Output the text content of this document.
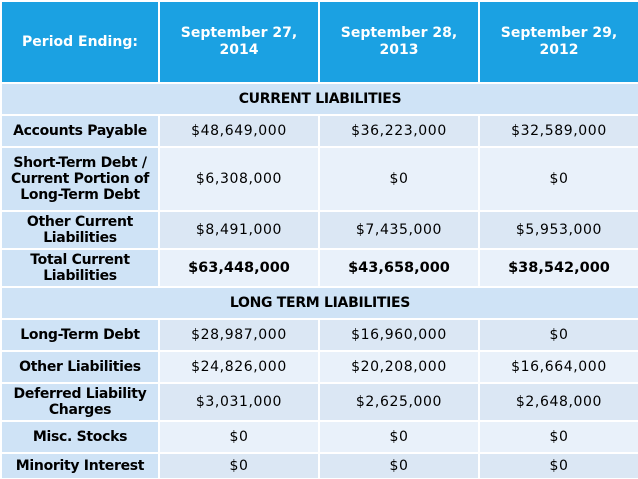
Period Ending:	September 27, 2014	September 28, 2013	September 29, 2012
CURRENT LIABILITIES			
Accounts Payable	$48,649,000	$36,223,000	$32,589,000
Short-Term Debt / Current Portion of Long-Term Debt	$6,308,000	$0	$0
Other Current Liabilities	$8,491,000	$7,435,000	$5,953,000
Total Current Liabilities	$63,448,000	$43,658,000	$38,542,000
LONG TERM LIABILITIES			
Long-Term Debt	$28,987,000	$16,960,000	$0
Other Liabilities	$24,826,000	$20,208,000	$16,664,000
Deferred Liability Charges	$3,031,000	$2,625,000	$2,648,000
Misc. Stocks	$0	$0	$0
Minority Interest	$0	$0	$0
